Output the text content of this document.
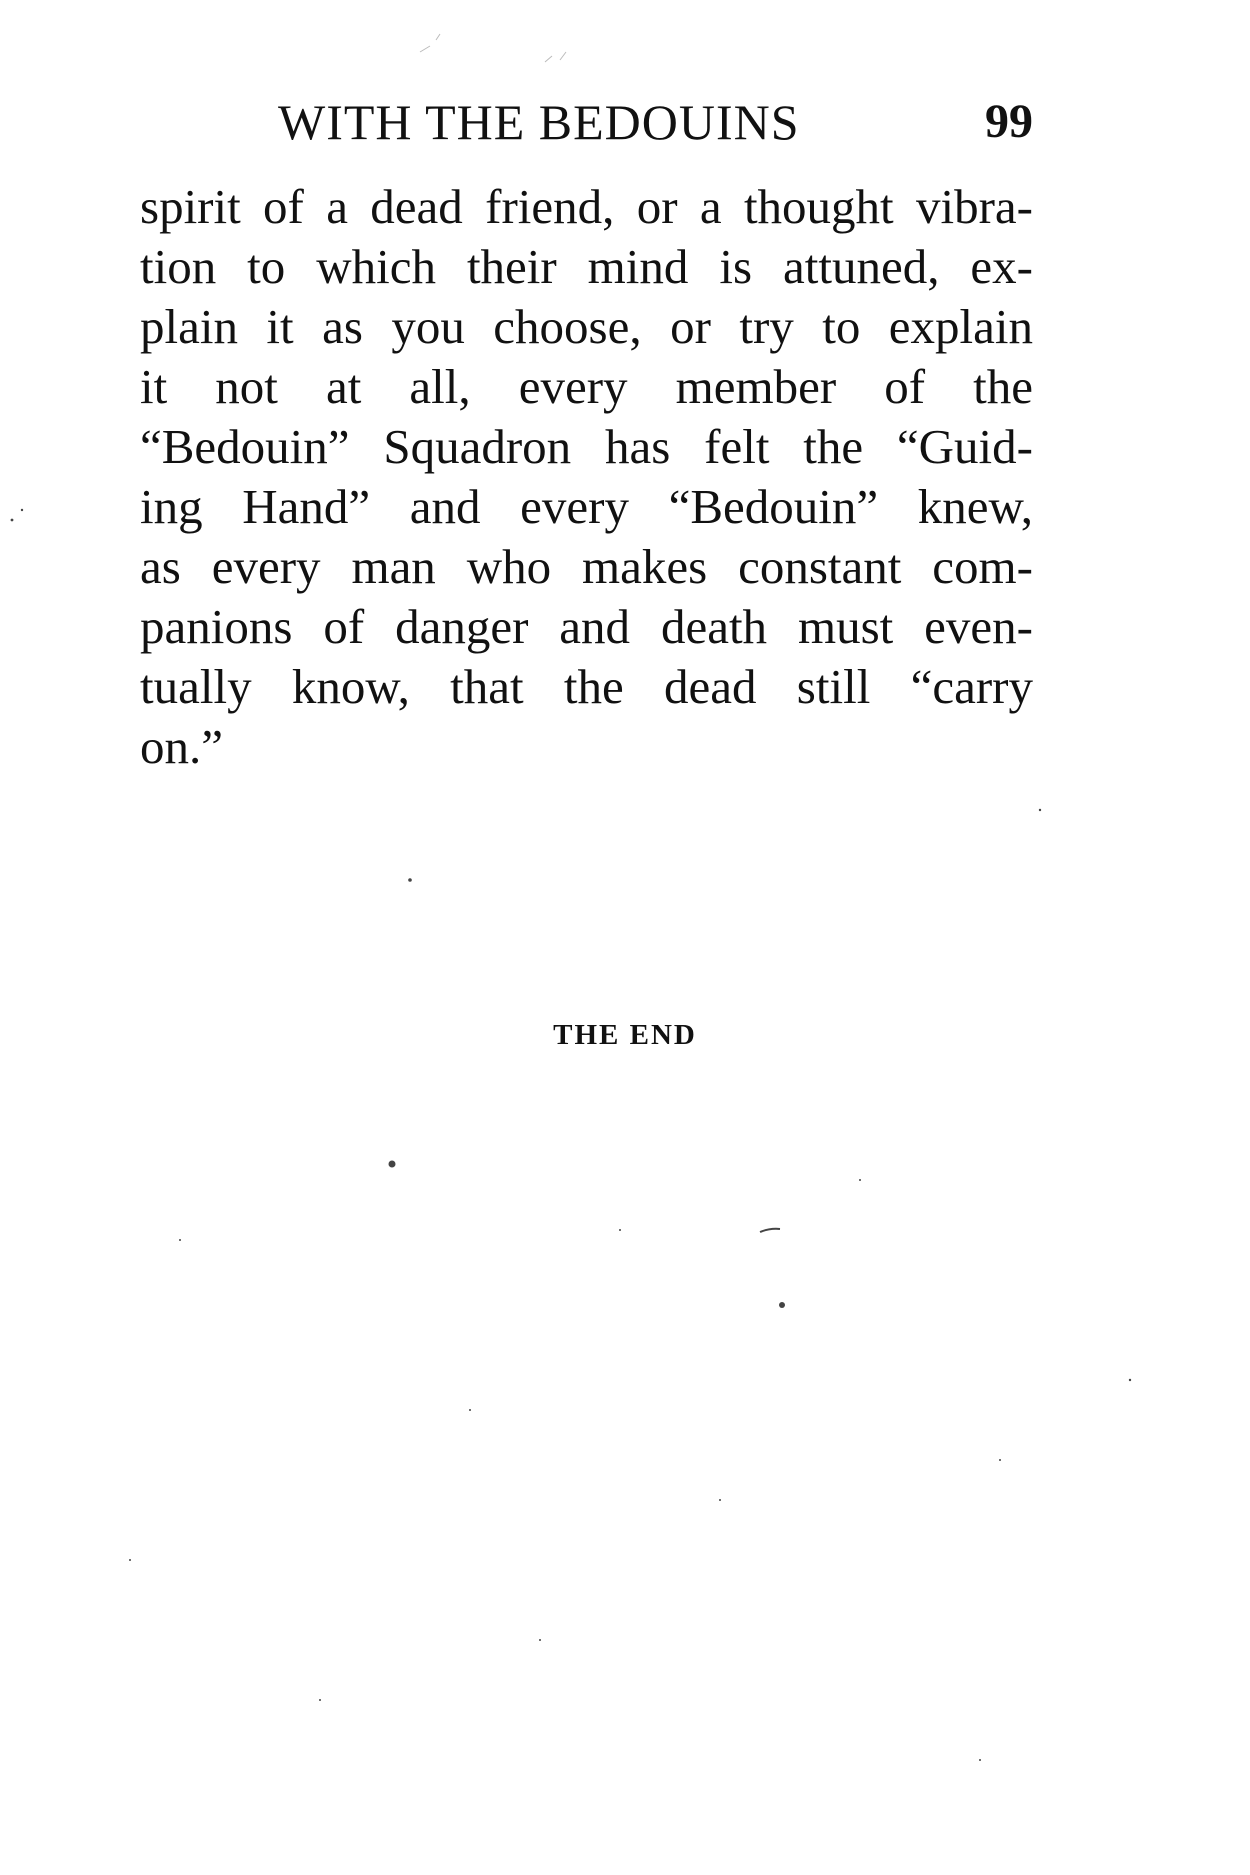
WITH THE BEDOUINS	99
spirit of a dead friend, or a thought vibra-
tion to which their mind is attuned, ex-
plain it as you choose, or try to explain
it not at all, every member of the
“Bedouin” Squadron has felt the “Guid-
ing Hand” and every “Bedouin” knew,
as every man who makes constant com-
panions of danger and death must even-
tually know, that the dead still “carry
on.”
THE END
